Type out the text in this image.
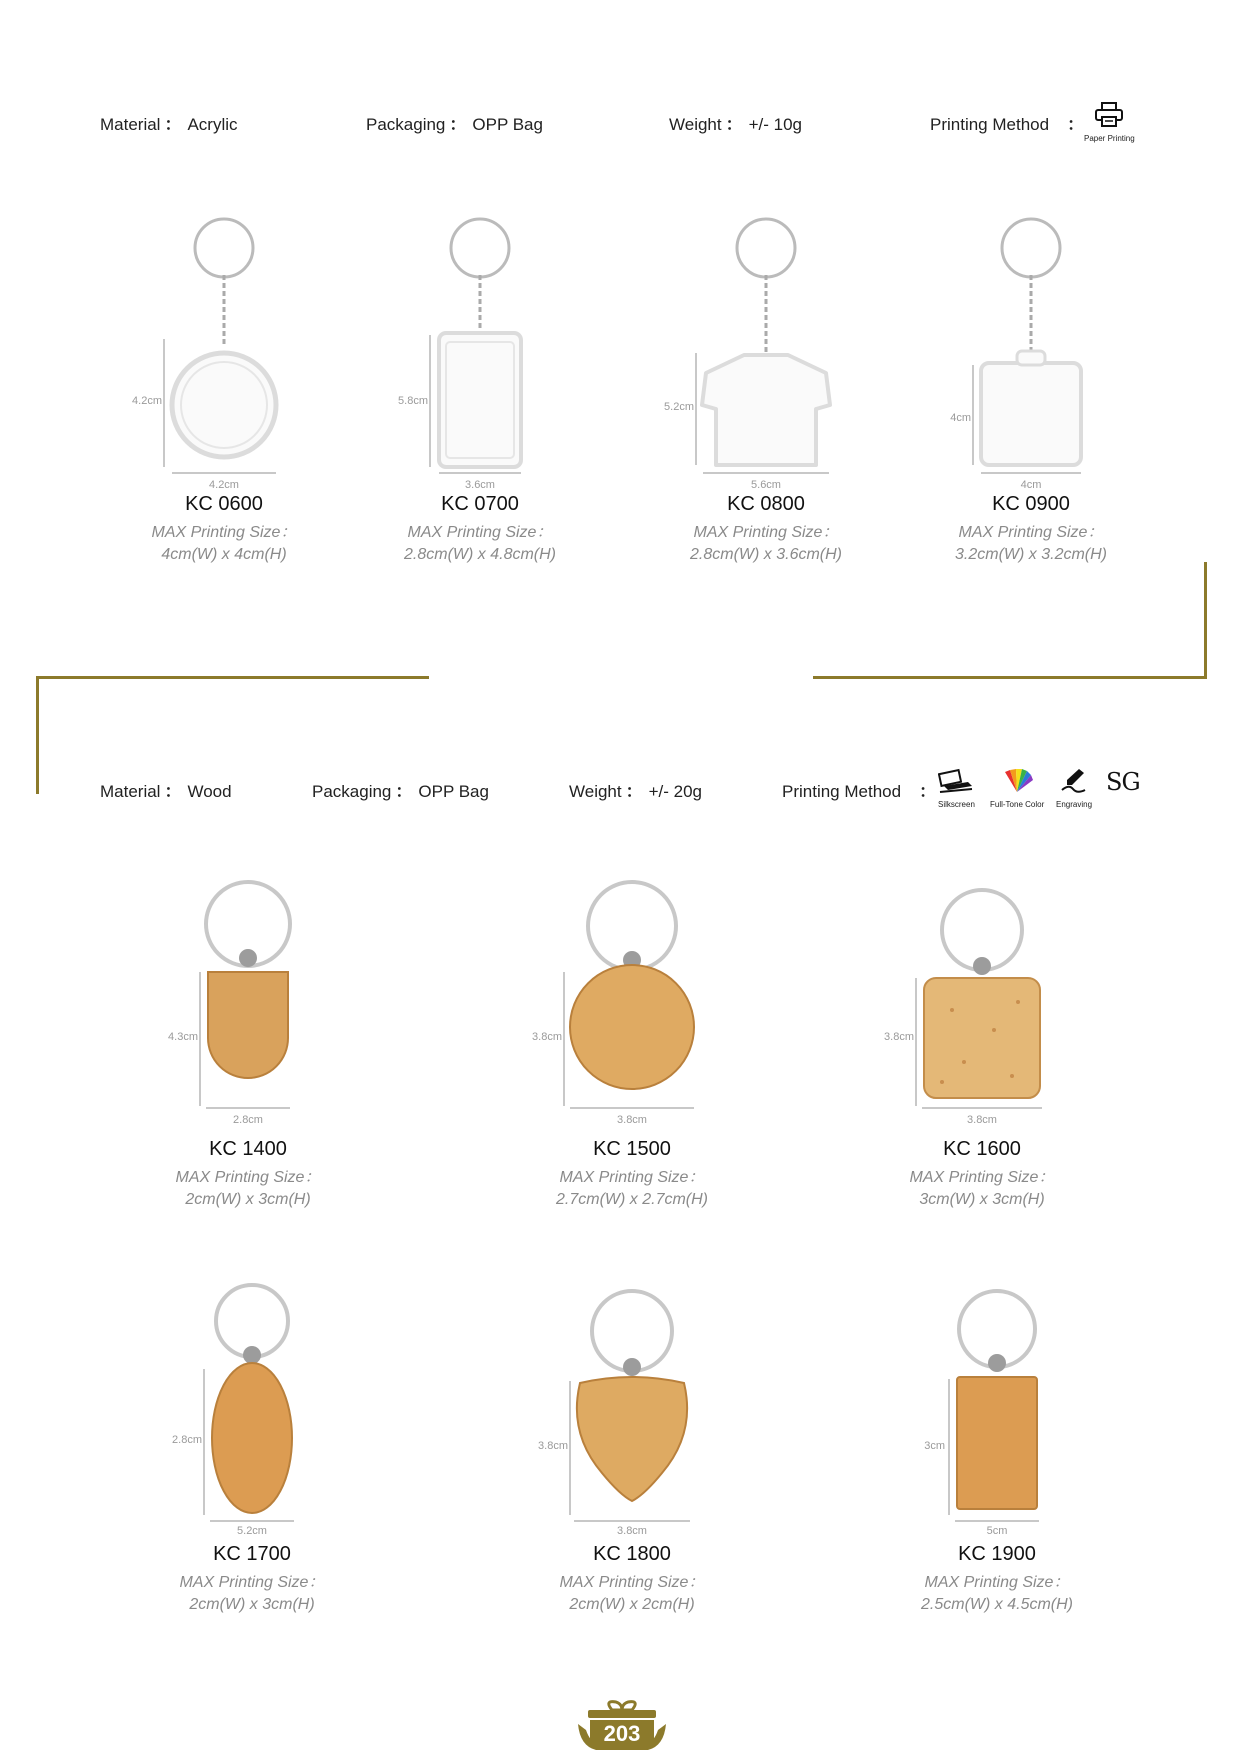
Material ： Acrylic	Packaging ： OPP Bag	Weight ： +/- 10g	Printing Method ：
Paper Printing
4.2cm
4.2cm
KC 0600
MAX Printing Size：
4cm(W) x 4cm(H)
5.8cm
3.6cm
KC 0700
MAX Printing Size：
2.8cm(W) x 4.8cm(H)
5.2cm
5.6cm
KC 0800
MAX Printing Size：
2.8cm(W) x 3.6cm(H)
4cm
4cm
KC 0900
MAX Printing Size：
3.2cm(W) x 3.2cm(H)
Material ： Wood	Packaging ： OPP Bag	Weight ： +/- 20g	Printing Method ：
Silkscreen Full-Tone Color Engraving
SG
4.3cm
2.8cm
KC 1400
MAX Printing Size：
2cm(W) x 3cm(H)
3.8cm
3.8cm
KC 1500
MAX Printing Size：
2.7cm(W) x 2.7cm(H)
3.8cm
3.8cm
KC 1600
MAX Printing Size：
3cm(W) x 3cm(H)
2.8cm
5.2cm
KC 1700
MAX Printing Size：
2cm(W) x 3cm(H)
3.8cm
3.8cm
KC 1800
MAX Printing Size：
2cm(W) x 2cm(H)
3cm
5cm
KC 1900
MAX Printing Size：
2.5cm(W) x 4.5cm(H)
203
